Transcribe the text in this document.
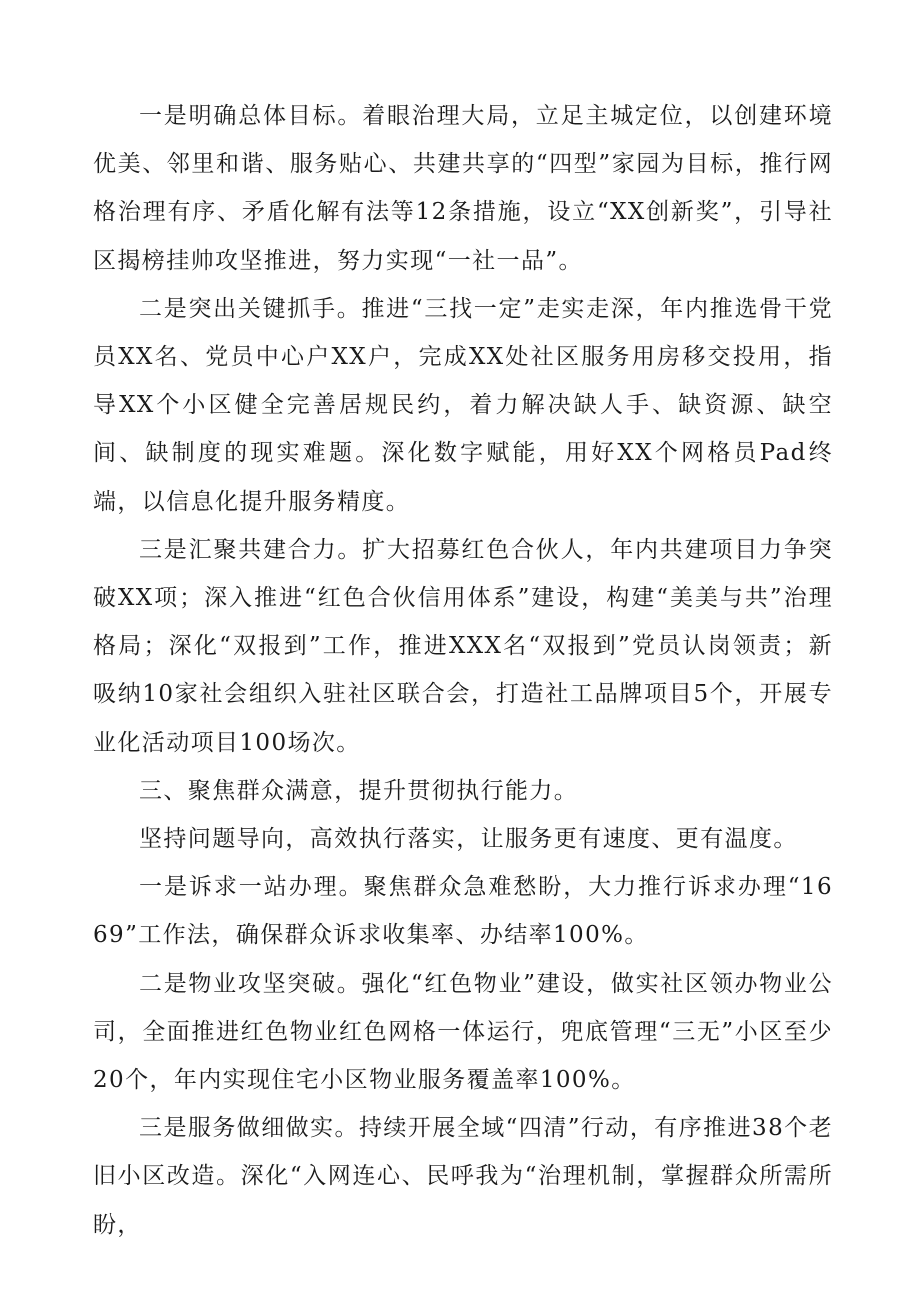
一是明确总体目标。着眼治理大局，立足主城定位，以创建环境优美、邻里和谐、服务贴心、共建共享的“四型”家园为目标，推行网格治理有序、矛盾化解有法等12条措施，设立“XX创新奖”，引导社区揭榜挂帅攻坚推进，努力实现“一社一品”。

二是突出关键抓手。推进“三找一定”走实走深，年内推选骨干党员XX名、党员中心户XX户，完成XX处社区服务用房移交投用，指导XX个小区健全完善居规民约，着力解决缺人手、缺资源、缺空间、缺制度的现实难题。深化数字赋能，用好XX个网格员Pad终端，以信息化提升服务精度。

三是汇聚共建合力。扩大招募红色合伙人，年内共建项目力争突破XX项；深入推进“红色合伙信用体系”建设，构建“美美与共”治理格局；深化“双报到”工作，推进XXX名“双报到”党员认岗领责；新吸纳10家社会组织入驻社区联合会，打造社工品牌项目5个，开展专业化活动项目100场次。

三、聚焦群众满意，提升贯彻执行能力。

坚持问题导向，高效执行落实，让服务更有速度、更有温度。

一是诉求一站办理。聚焦群众急难愁盼，大力推行诉求办理“1669”工作法，确保群众诉求收集率、办结率100%。

二是物业攻坚突破。强化“红色物业”建设，做实社区领办物业公司，全面推进红色物业红色网格一体运行，兜底管理“三无”小区至少20个，年内实现住宅小区物业服务覆盖率100%。

三是服务做细做实。持续开展全域“四清”行动，有序推进38个老旧小区改造。深化“入网连心、民呼我为“治理机制，掌握群众所需所盼，
